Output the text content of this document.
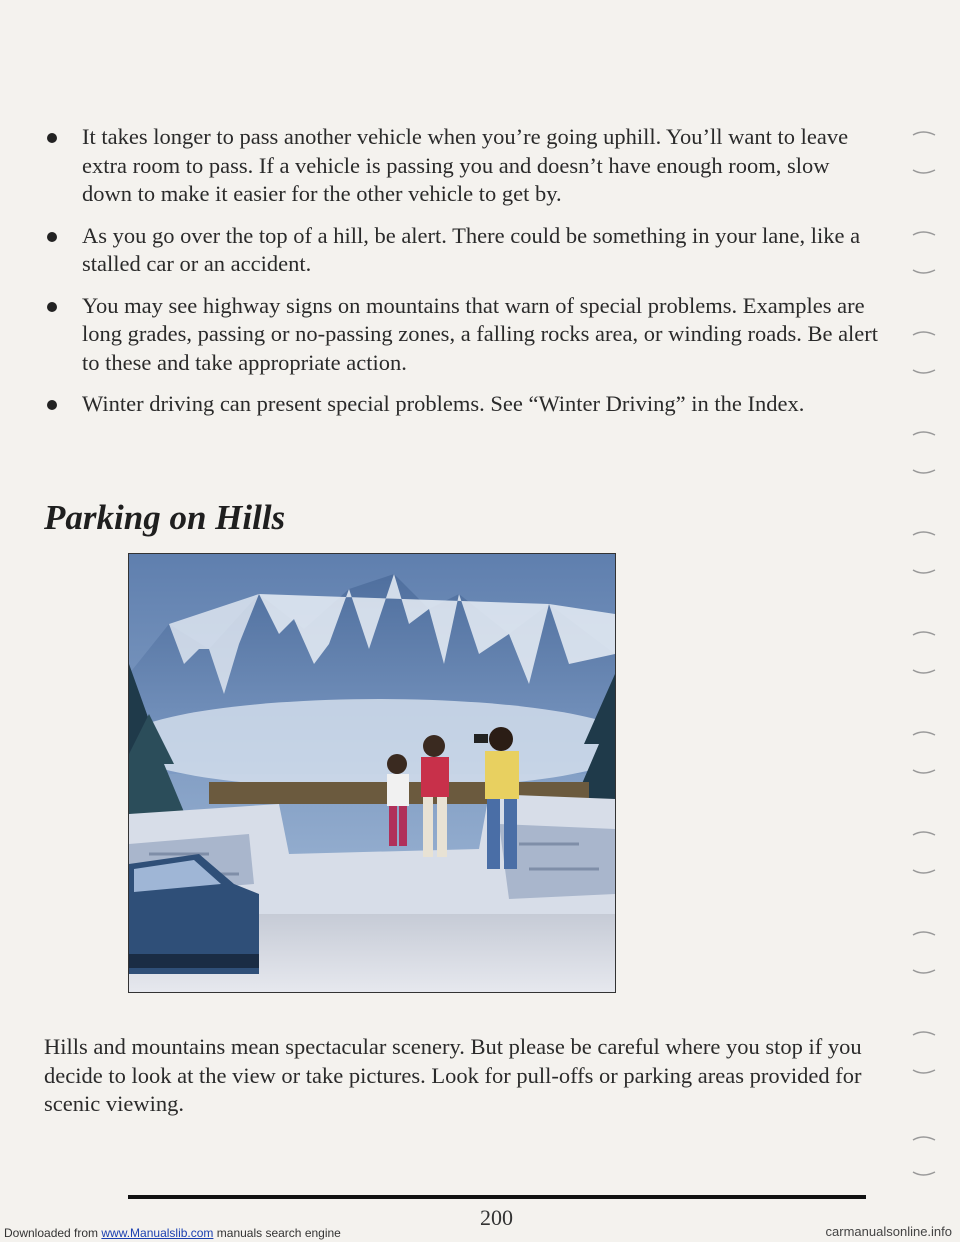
It takes longer to pass another vehicle when you’re going uphill. You’ll want to leave extra room to pass. If a vehicle is passing you and doesn’t have enough room, slow down to make it easier for the other vehicle to get by.
As you go over the top of a hill, be alert. There could be something in your lane, like a stalled car or an accident.
You may see highway signs on mountains that warn of special problems. Examples are long grades, passing or no-passing zones, a falling rocks area, or winding roads. Be alert to these and take appropriate action.
Winter driving can present special problems. See “Winter Driving” in the Index.
Parking on Hills

Hills and mountains mean spectacular scenery. But please be careful where you stop if you decide to look at the view or take pictures. Look for pull-offs or parking areas provided for scenic viewing.

200
Downloaded from www.Manualslib.com manuals search engine	carmanualsonline.info
